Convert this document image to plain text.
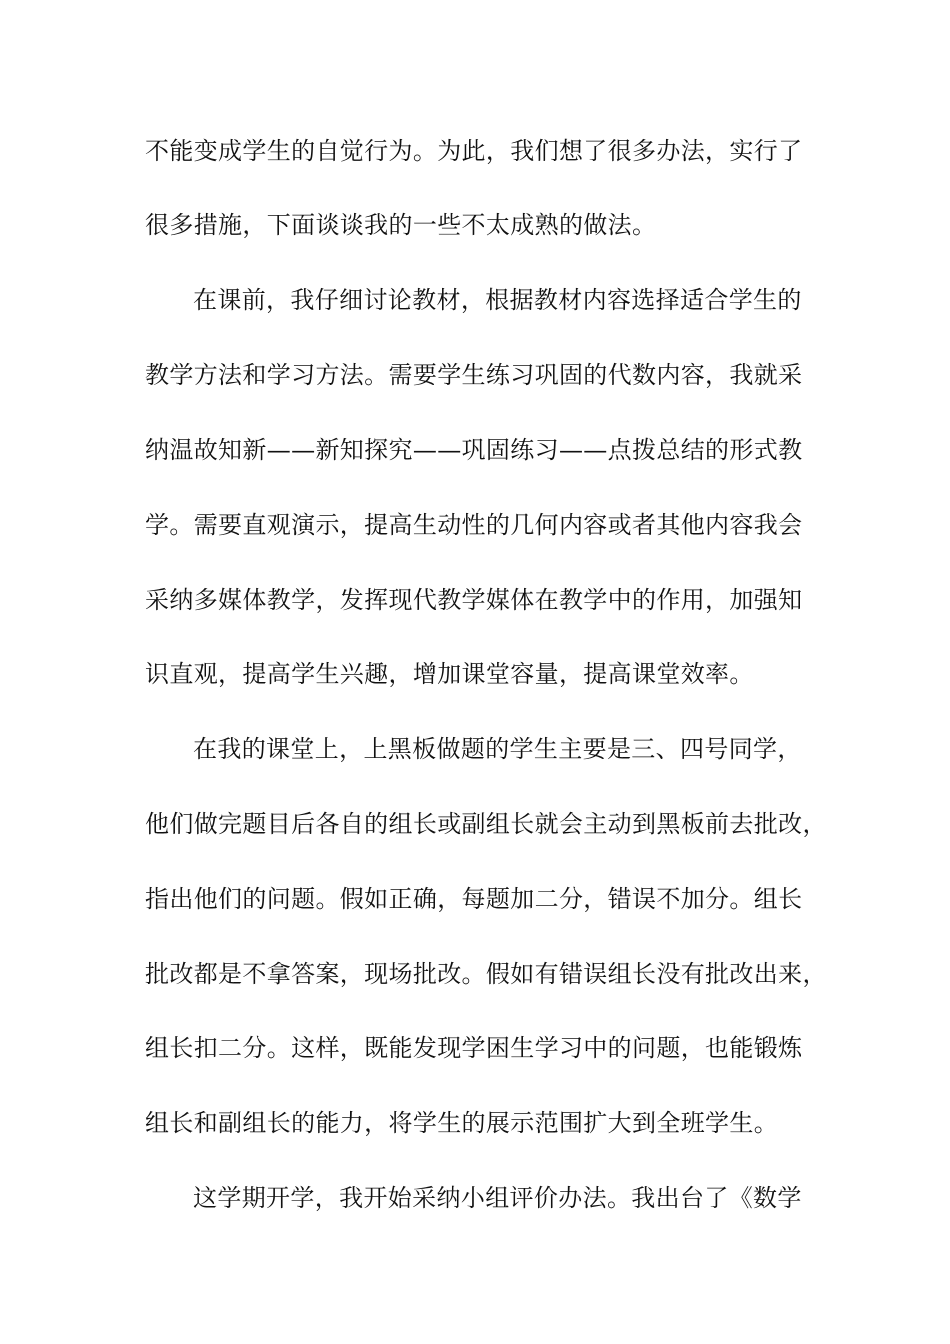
不能变成学生的自觉行为。为此，我们想了很多办法，实行了
很多措施，下面谈谈我的一些不太成熟的做法。
在课前，我仔细讨论教材，根据教材内容选择适合学生的
教学方法和学习方法。需要学生练习巩固的代数内容，我就采
纳温故知新——新知探究——巩固练习——点拨总结的形式教
学。需要直观演示，提高生动性的几何内容或者其他内容我会
采纳多媒体教学，发挥现代教学媒体在教学中的作用，加强知
识直观，提高学生兴趣，增加课堂容量，提高课堂效率。
在我的课堂上，上黑板做题的学生主要是三、四号同学，
他们做完题目后各自的组长或副组长就会主动到黑板前去批改，
指出他们的问题。假如正确，每题加二分，错误不加分。组长
批改都是不拿答案，现场批改。假如有错误组长没有批改出来，
组长扣二分。这样，既能发现学困生学习中的问题，也能锻炼
组长和副组长的能力，将学生的展示范围扩大到全班学生。
这学期开学，我开始采纳小组评价办法。我出台了《数学
